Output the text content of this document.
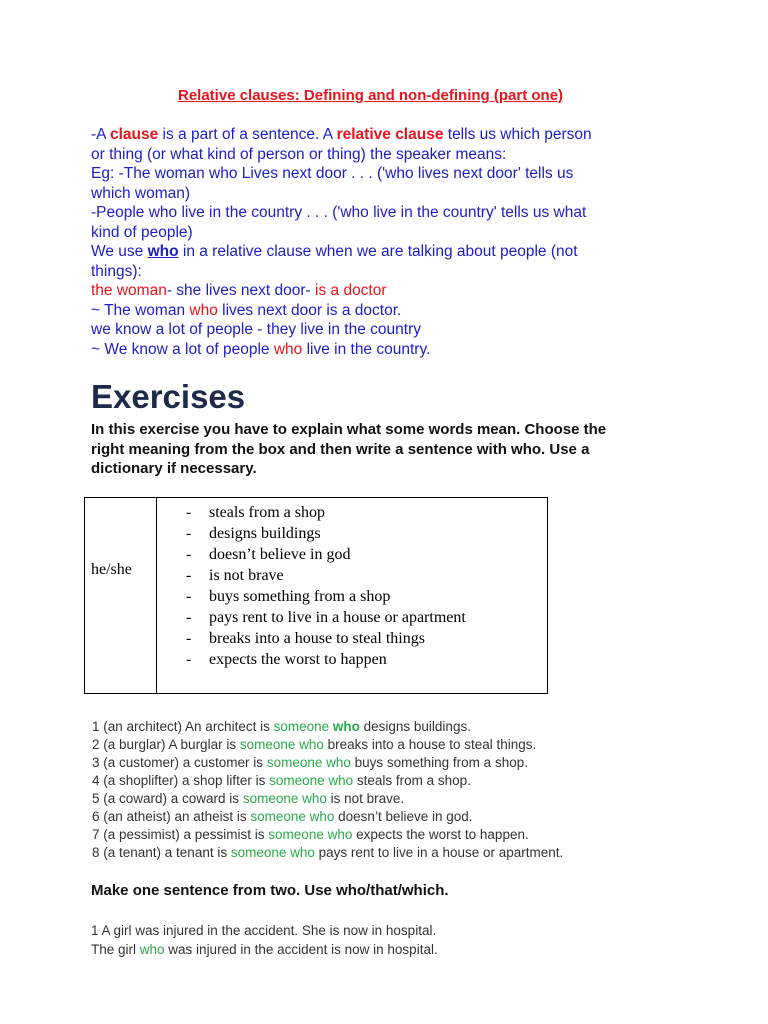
Relative clauses: Defining and non-defining (part one)
-A clause is a part of a sentence. A relative clause tells us which person
or thing (or what kind of person or thing) the speaker means:
Eg: -The woman who Lives next door . . . ('who lives next door' tells us
which woman)
-People who live in the country . . . ('who live in the country' tells us what
kind of people)
We use who in a relative clause when we are talking about people (not
things):
the woman- she lives next door- is a doctor
~ The woman who lives next door is a doctor.
we know a lot of people - they live in the country
~ We know a lot of people who live in the country.
Exercises
In this exercise you have to explain what some words mean. Choose the
right meaning from the box and then write a sentence with who. Use a
dictionary if necessary.
he/she
- steals from a shop
- designs buildings
- doesn’t believe in god
- is not brave
- buys something from a shop
- pays rent to live in a house or apartment
- breaks into a house to steal things
- expects the worst to happen
1 (an architect) An architect is someone who designs buildings.
2 (a burglar) A burglar is someone who breaks into a house to steal things.
3 (a customer) a customer is someone who buys something from a shop.
4 (a shoplifter) a shop lifter is someone who steals from a shop.
5 (a coward) a coward is someone who is not brave.
6 (an atheist) an atheist is someone who doesn’t believe in god.
7 (a pessimist) a pessimist is someone who expects the worst to happen.
8 (a tenant) a tenant is someone who pays rent to live in a house or apartment.
Make one sentence from two. Use who/that/which.
1 A girl was injured in the accident. She is now in hospital.
The girl who was injured in the accident is now in hospital.
